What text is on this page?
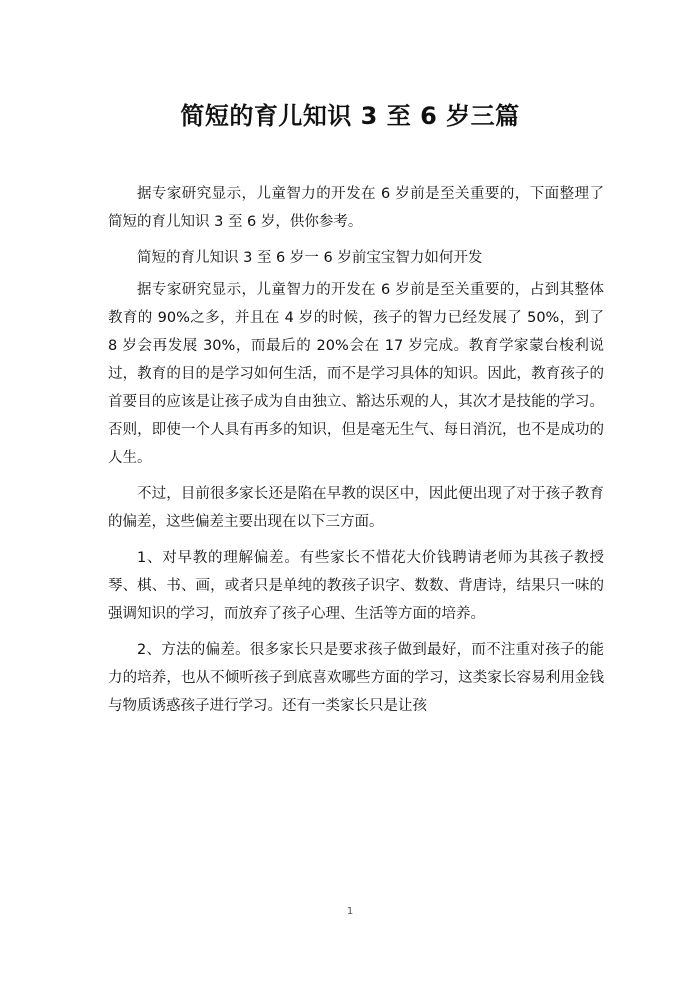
简短的育儿知识 3 至 6 岁三篇

据专家研究显示，儿童智力的开发在 6 岁前是至关重要的，下面整理了简短的育儿知识 3 至 6 岁，供你参考。

简短的育儿知识 3 至 6 岁一 6 岁前宝宝智力如何开发

据专家研究显示，儿童智力的开发在 6 岁前是至关重要的，占到其整体教育的 90%之多，并且在 4 岁的时候，孩子的智力已经发展了 50%，到了 8 岁会再发展 30%，而最后的 20%会在 17 岁完成。教育学家蒙台梭利说过，教育的目的是学习如何生活，而不是学习具体的知识。因此，教育孩子的首要目的应该是让孩子成为自由独立、豁达乐观的人，其次才是技能的学习。否则，即使一个人具有再多的知识，但是毫无生气、每日消沉，也不是成功的人生。

不过，目前很多家长还是陷在早教的误区中，因此便出现了对于孩子教育的偏差，这些偏差主要出现在以下三方面。

1、对早教的理解偏差。有些家长不惜花大价钱聘请老师为其孩子教授琴、棋、书、画，或者只是单纯的教孩子识字、数数、背唐诗，结果只一味的强调知识的学习，而放弃了孩子心理、生活等方面的培养。

2、方法的偏差。很多家长只是要求孩子做到最好，而不注重对孩子的能力的培养，也从不倾听孩子到底喜欢哪些方面的学习，这类家长容易利用金钱与物质诱惑孩子进行学习。还有一类家长只是让孩

1
